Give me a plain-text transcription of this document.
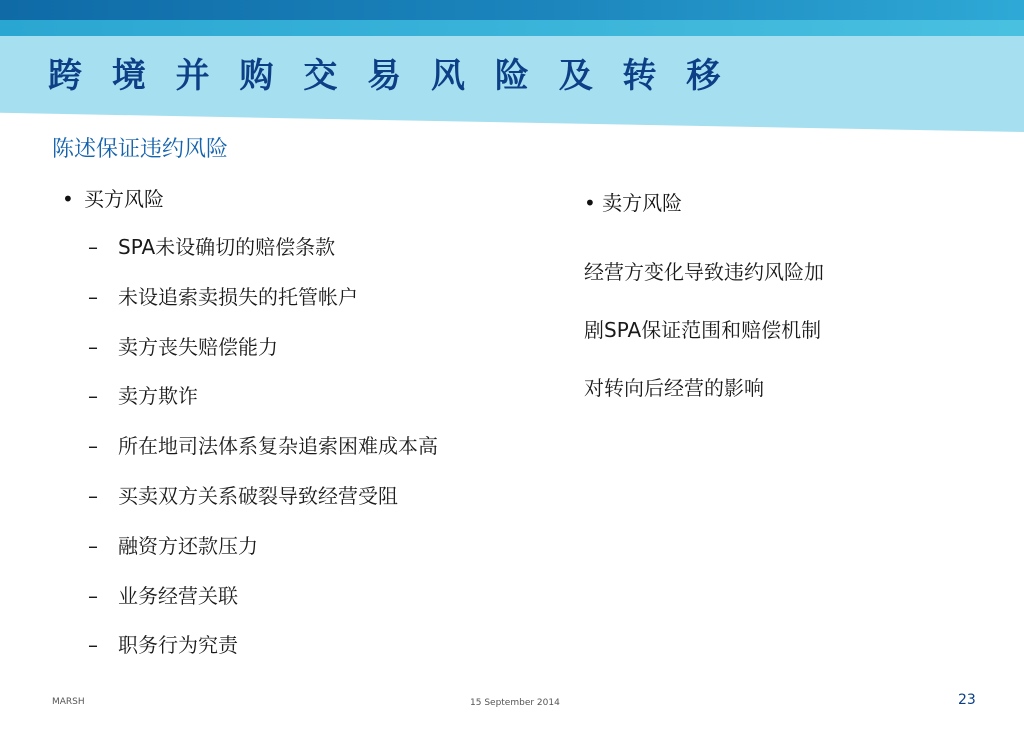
跨 境 并 购 交 易 风 险 及 转 移
陈述保证违约风险
• 买方风险
– SPA未设确切的赔偿条款
– 未设追索卖损失的托管帐户
– 卖方丧失赔偿能力
– 卖方欺诈
– 所在地司法体系复杂追索困难成本高
– 买卖双方关系破裂导致经营受阻
– 融资方还款压力
– 业务经营关联
– 职务行为究责
• 卖方风险
经营方变化导致违约风险加
剧SPA保证范围和赔偿机制
对转向后经营的影响
MARSH	15 September 2014	23
